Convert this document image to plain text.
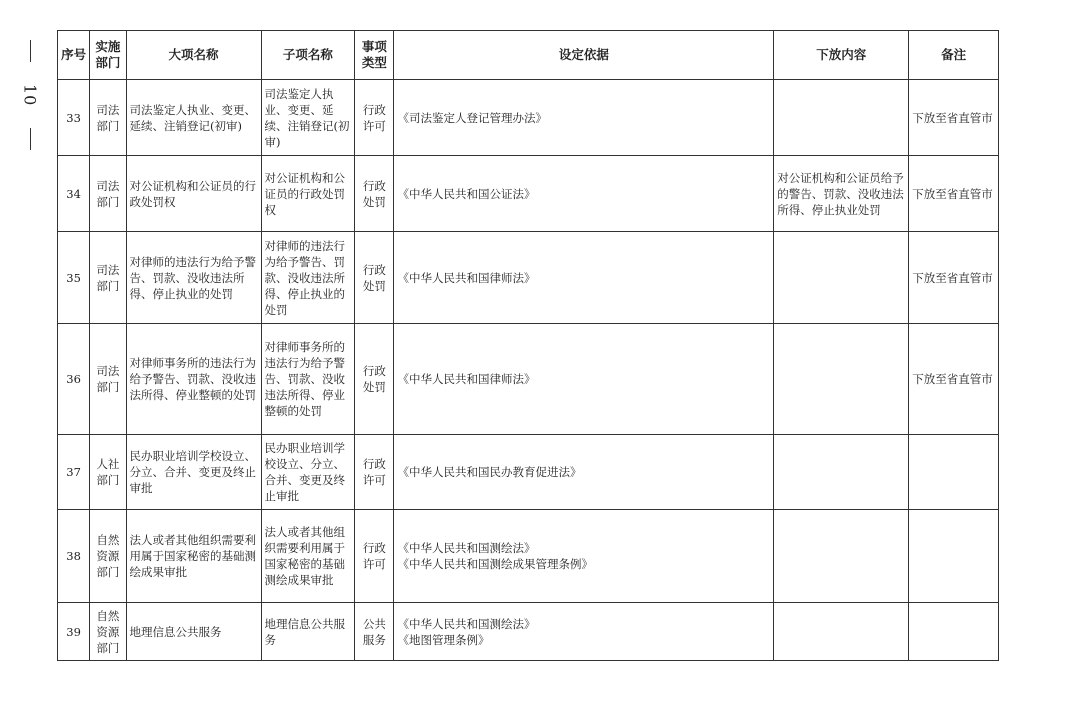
10
序号	实施部门	大项名称	子项名称	事项类型	设定依据	下放内容	备注
33	司法部门	司法鉴定人执业、变更、延续、注销登记(初审)	司法鉴定人执业、变更、延续、注销登记(初审)	行政许可	《司法鉴定人登记管理办法》		下放至省直管市
34	司法部门	对公证机构和公证员的行政处罚权	对公证机构和公证员的行政处罚权	行政处罚	《中华人民共和国公证法》	对公证机构和公证员给予的警告、罚款、没收违法所得、停止执业处罚	下放至省直管市
35	司法部门	对律师的违法行为给予警告、罚款、没收违法所得、停止执业的处罚	对律师的违法行为给予警告、罚款、没收违法所得、停止执业的处罚	行政处罚	《中华人民共和国律师法》		下放至省直管市
36	司法部门	对律师事务所的违法行为给予警告、罚款、没收违法所得、停业整顿的处罚	对律师事务所的违法行为给予警告、罚款、没收违法所得、停业整顿的处罚	行政处罚	《中华人民共和国律师法》		下放至省直管市
37	人社部门	民办职业培训学校设立、分立、合并、变更及终止审批	民办职业培训学校设立、分立、合并、变更及终止审批	行政许可	《中华人民共和国民办教育促进法》		

38	自然资源部门	法人或者其他组织需要利用属于国家秘密的基础测绘成果审批	法人或者其他组织需要利用属于国家秘密的基础测绘成果审批	行政许可	《中华人民共和国测绘法》
《中华人民共和国测绘成果管理条例》		

39	自然资源部门	地理信息公共服务	地理信息公共服务	公共服务	《中华人民共和国测绘法》
《地图管理条例》		
